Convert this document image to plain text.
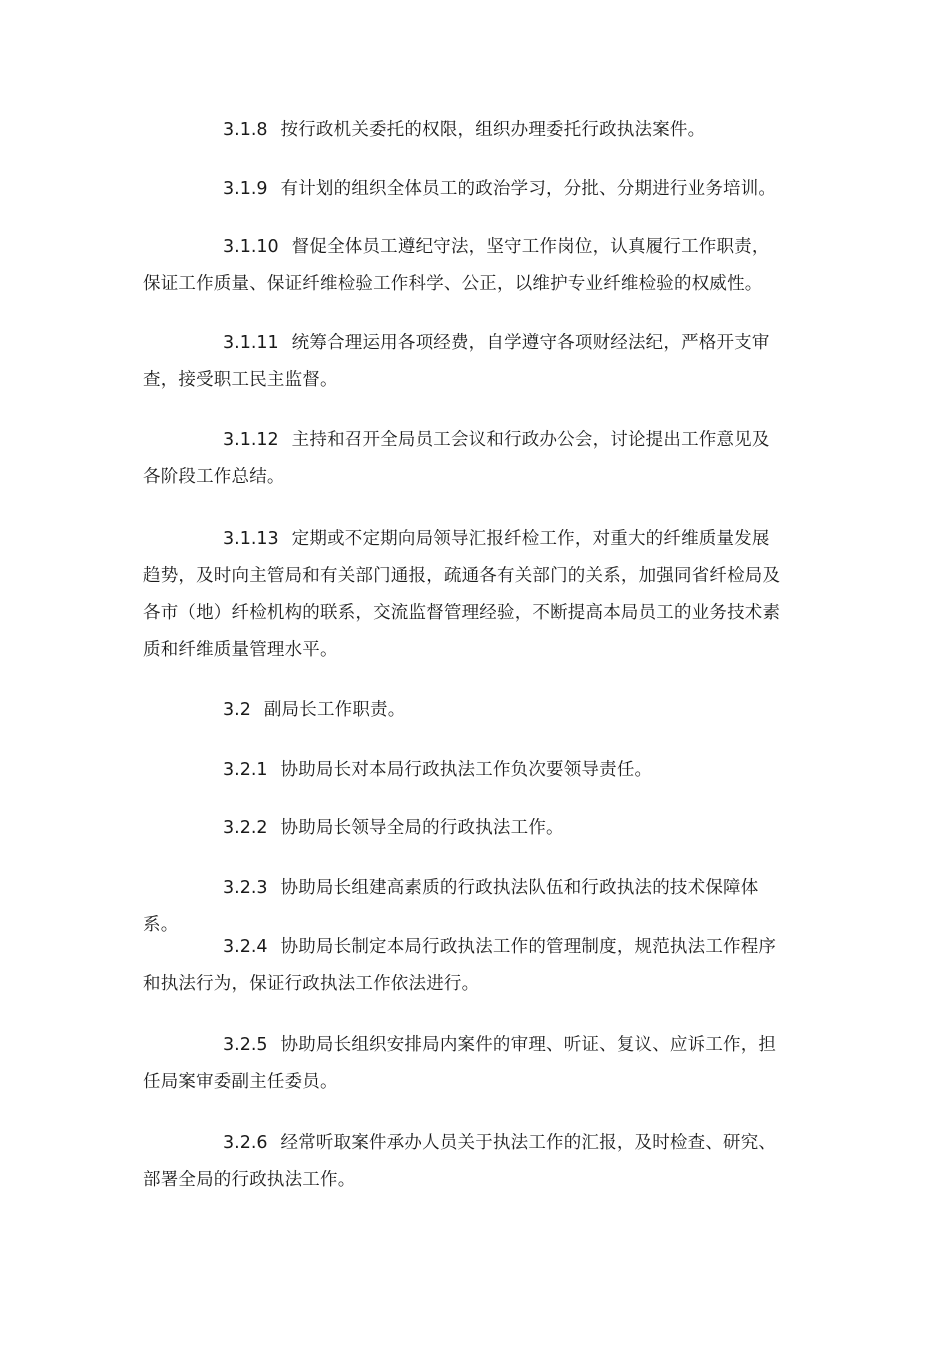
3.1.8 按行政机关委托的权限，组织办理委托行政执法案件。

3.1.9 有计划的组织全体员工的政治学习，分批、分期进行业务培训。

3.1.10 督促全体员工遵纪守法，坚守工作岗位，认真履行工作职责，保证工作质量、保证纤维检验工作科学、公正，以维护专业纤维检验的权威性。

3.1.11 统筹合理运用各项经费，自学遵守各项财经法纪，严格开支审查，接受职工民主监督。

3.1.12 主持和召开全局员工会议和行政办公会，讨论提出工作意见及各阶段工作总结。

3.1.13 定期或不定期向局领导汇报纤检工作，对重大的纤维质量发展趋势，及时向主管局和有关部门通报，疏通各有关部门的关系，加强同省纤检局及各市（地）纤检机构的联系，交流监督管理经验，不断提高本局员工的业务技术素质和纤维质量管理水平。

3.2 副局长工作职责。

3.2.1 协助局长对本局行政执法工作负次要领导责任。

3.2.2 协助局长领导全局的行政执法工作。

3.2.3 协助局长组建高素质的行政执法队伍和行政执法的技术保障体系。

3.2.4 协助局长制定本局行政执法工作的管理制度，规范执法工作程序和执法行为，保证行政执法工作依法进行。

3.2.5 协助局长组织安排局内案件的审理、听证、复议、应诉工作，担任局案审委副主任委员。

3.2.6 经常听取案件承办人员关于执法工作的汇报，及时检查、研究、部署全局的行政执法工作。
